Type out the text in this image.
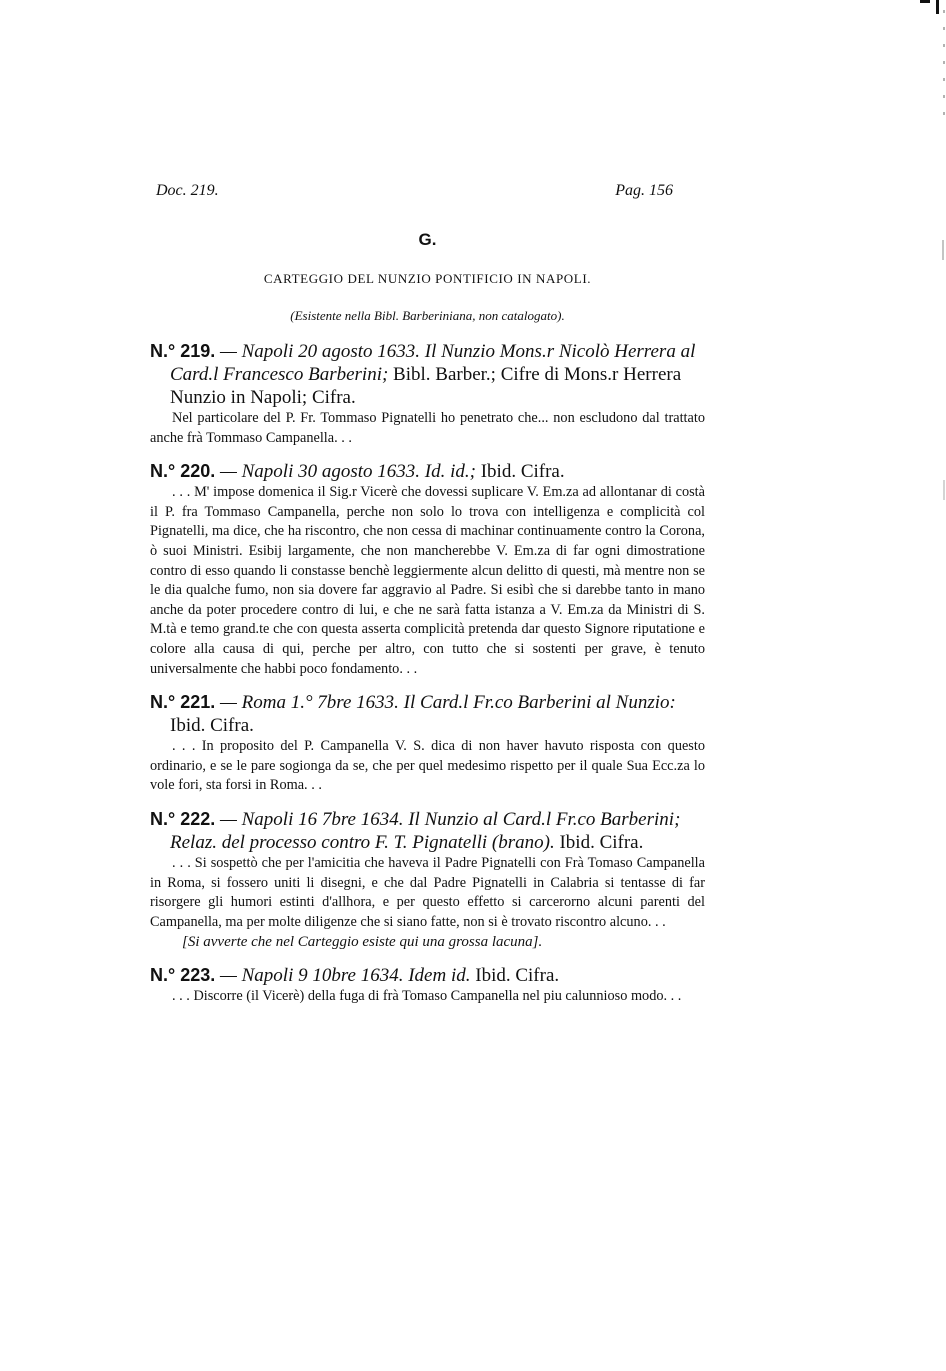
Doc. 219.	Pag. 156
G.
CARTEGGIO DEL NUNZIO PONTIFICIO IN NAPOLI.
(Esistente nella Bibl. Barberiniana, non catalogato).
N.° 219. — Napoli 20 agosto 1633. Il Nunzio Mons.r Nicolò Herrera al Card.l Francesco Barberini; Bibl. Barber.; Cifre di Mons.r Herrera Nunzio in Napoli; Cifra.
Nel particolare del P. Fr. Tommaso Pignatelli ho penetrato che... non escludono dal trattato anche frà Tommaso Campanella. . .
N.° 220. — Napoli 30 agosto 1633. Id. id.; Ibid. Cifra.
. . . M' impose domenica il Sig.r Vicerè che dovessi suplicare V. Em.za ad allontanar di costà il P. fra Tommaso Campanella, perche non solo lo trova con intelligenza e complicità col Pignatelli, ma dice, che ha riscontro, che non cessa di machinar continuamente contro la Corona, ò suoi Ministri. Esibij largamente, che non mancherebbe V. Em.za di far ogni dimostratione contro di esso quando li constasse benchè leggiermente alcun delitto di questi, mà mentre non se le dia qualche fumo, non sia dovere far aggravio al Padre. Si esibì che si darebbe tanto in mano anche da poter procedere contro di lui, e che ne sarà fatta istanza a V. Em.za da Ministri di S. M.tà e temo grand.te che con questa asserta complicità pretenda dar questo Signore riputatione e colore alla causa di qui, perche per altro, con tutto che si sostenti per grave, è tenuto universalmente che habbi poco fondamento. . .
N.° 221. — Roma 1.° 7bre 1633. Il Card.l Fr.co Barberini al Nunzio: Ibid. Cifra.
. . . In proposito del P. Campanella V. S. dica di non haver havuto risposta con questo ordinario, e se le pare sogionga da se, che per quel medesimo rispetto per il quale Sua Ecc.za lo vole fori, sta forsi in Roma. . .
N.° 222. — Napoli 16 7bre 1634. Il Nunzio al Card.l Fr.co Barberini; Relaz. del processo contro F. T. Pignatelli (brano). Ibid. Cifra.
. . . Si sospettò che per l'amicitia che haveva il Padre Pignatelli con Frà Tomaso Campanella in Roma, si fossero uniti li disegni, e che dal Padre Pignatelli in Calabria si tentasse di far risorgere gli humori estinti d'allhora, e per questo effetto si carcerorno alcuni parenti del Campanella, ma per molte diligenze che si siano fatte, non si è trovato riscontro alcuno. . .
[Si avverte che nel Carteggio esiste qui una grossa lacuna].
N.° 223. — Napoli 9 10bre 1634. Idem id. Ibid. Cifra.
. . . Discorre (il Vicerè) della fuga di frà Tomaso Campanella nel piu calunnioso modo. . .
